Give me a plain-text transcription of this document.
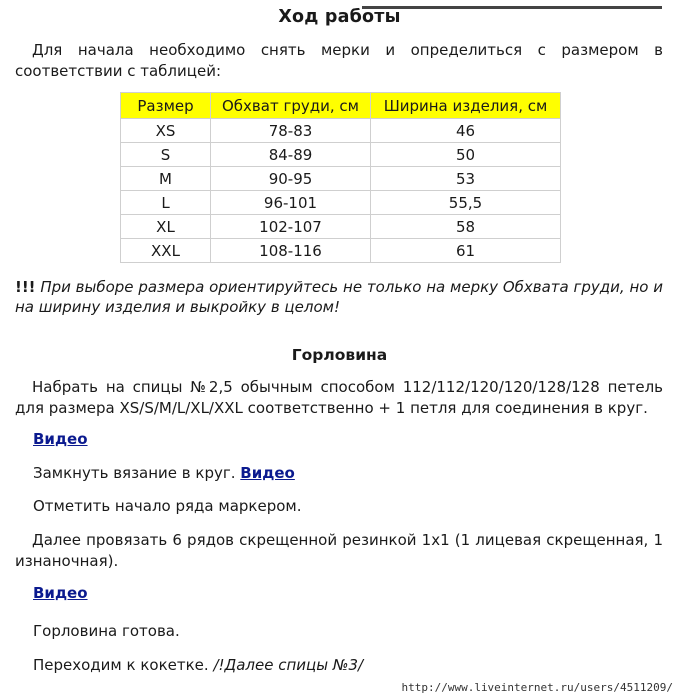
Ход работы

Для начала необходимо снять мерки и определиться с размером в соответствии с таблицей:

Размер	Обхват груди, см	Ширина изделия, см
XS	78-83	46
S	84-89	50
M	90-95	53
L	96-101	55,5
XL	102-107	58
XXL	108-116	61

!!! При выборе размера ориентируйтесь не только на мерку Обхвата груди, но и на ширину изделия и выкройку в целом!

Горловина

Набрать на спицы №2,5 обычным способом 112/112/120/120/128/128 петель для размера XS/S/M/L/XL/XXL соответственно + 1 петля для соединения в круг.

Видео

Замкнуть вязание в круг. Видео

Отметить начало ряда маркером.

Далее провязать 6 рядов скрещенной резинкой 1х1 (1 лицевая скрещенная, 1 изнаночная).

Видео

Горловина готова.

Переходим к кокетке. /!Далее спицы №3/

http://www.liveinternet.ru/users/4511209/
